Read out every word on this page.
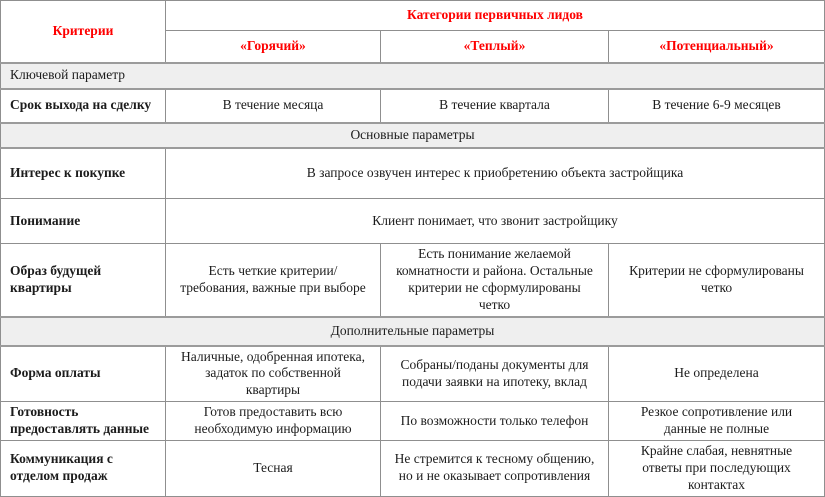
Критерии	Категории первичных лидов		
	«Горячий»	«Теплый»	«Потенциальный»
Ключевой параметр			
Срок выхода на сделку	В течение месяца	В течение квартала	В течение 6-9 месяцев
Основные параметры			
Интерес к покупке	В запросе озвучен интерес к приобретению объекта застройщика		
Понимание	Клиент понимает, что звонит застройщику		
Образ будущей квартиры	Есть четкие критерии/требования, важные при выборе	Есть понимание желаемой комнатности и района. Остальные критерии не сформулированы четко	Критерии не сформулированы четко
Дополнительные параметры			
Форма оплаты	Наличные, одобренная ипотека, задаток по собственной квартиры	Собраны/поданы документы для подачи заявки на ипотеку, вклад	Не определена
Готовность предоставлять данные	Готов предоставить всю необходимую информацию	По возможности только телефон	Резкое сопротивление или данные не полные
Коммуникация с отделом продаж	Тесная	Не стремится к тесному общению, но и не оказывает сопротивления	Крайне слабая, невнятные ответы при последующих контактах
